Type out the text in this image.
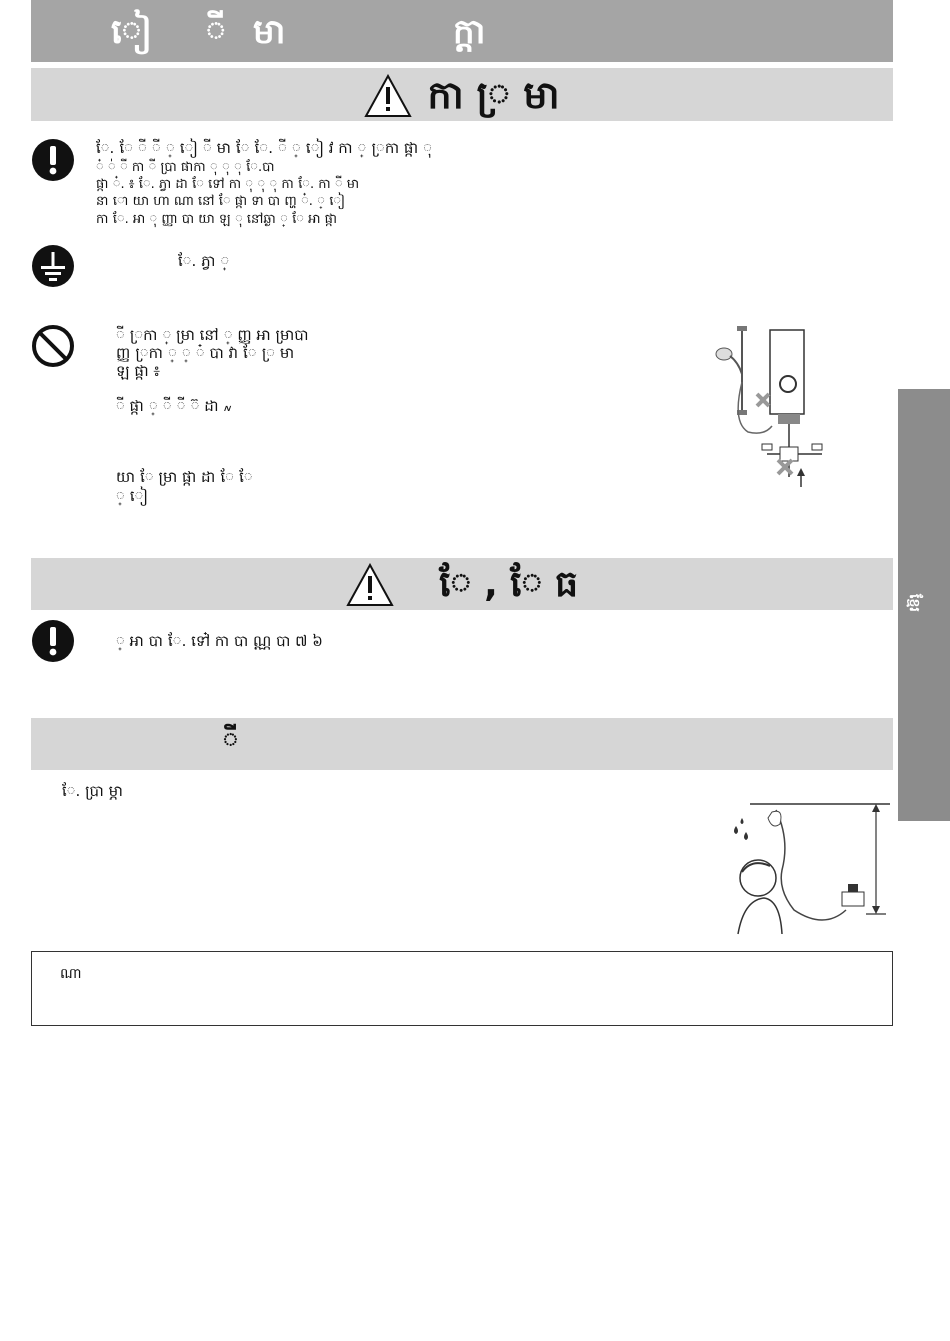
ៀ ី មា	ក្តា
កា ្រ មា
ែ. ែ ី ី ្ ៀ ី មា ែ ែ. ី ្ ៀ វ កា ្ ្រកា ផ្កា ុ
៎ ់ ី កា ី ប្រា ផាកា ុ ុ ុ ែ.បា
ផ្កា ៎. ៖ ែ. ភ្វា ដា ែ ទៅ កា ុ ុ ុ កា ែ. កា ី មា
នា ោ យា ហា ណា នៅ ែ ផ្កា ទា បា ញ្ហ ៎. ្ ៀ
កា ែ. អា ុ ញ្ញា បា យា ឡ ុ នៅឆ្ងា ្ ែ អា ផ្កា
ែ. ភ្វា ្
ី ្រកា ្ ម្រា នៅ ្ ញ្ញ អា ម្រាបា
ញ្ញ ្រកា ្ ្ ៎ បា វា ែ ្រ មា
ឡ ផ្កា ៖
ី ផ្កា ្ ី ី ៊ ដា ៷
យា ែ ម្រា ផ្កា ដា ែ ែ
្ ៀ
ែ , ែ ធ
្ អា បា ែ. ទៅ៎ កា បា ណ្ណ បា ៧ ៦
ី
ែ. ប្រា ម្ភា
ណា
ខ្មែរ
